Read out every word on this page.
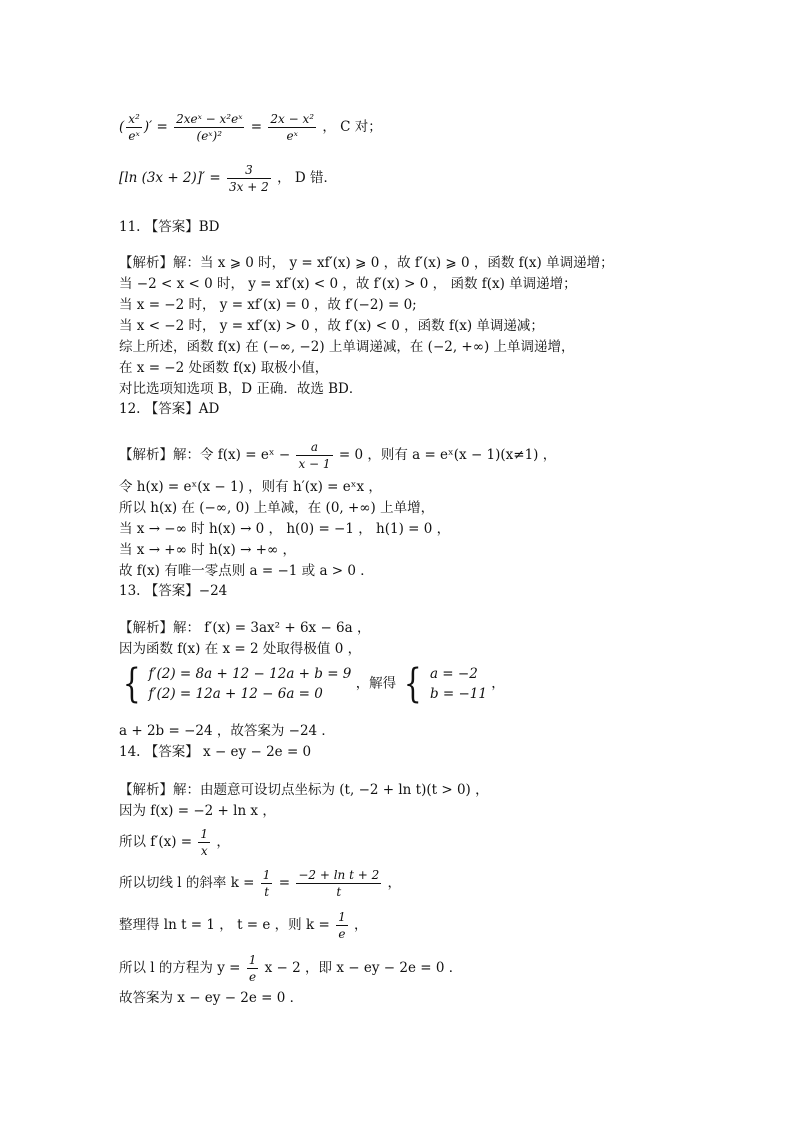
( $\frac{\text{x²}}{\text{eˣ}}$ )′ = $\frac{\text{2xeˣ − x²eˣ}}{\text{(eˣ)²}} = \frac{\text{2x − x²}}{\text{eˣ}}$ ， C 对；
[ln $(3x + 2)]' = \frac{3}{3x + 2}$ ， D 错．
11. 【答案】BD
【解析】解：当 x ⩾ 0 时， y = xf′(x) ⩾ 0 ，故 f′(x) ⩾ 0 ，函数 f(x) 单调递增；
当 −2 < x < 0 时， y = xf′(x) < 0 ，故 f′(x) > 0 ， 函数 f(x) 单调递增；
当 x = −2 时， y = xf′(x) = 0 ，故 f′(−2) = 0;
当 x < −2 时， y = xf′(x) > 0 ，故 f′(x) < 0 ，函数 f(x) 单调递减；
综上所述，函数 f(x) 在 (−∞, −2) 上单调递减，在 (−2, +∞) 上单调递增，
在 x = −2 处函数 f(x) 取极小值，
对比选项知选项 B，D 正确．故选 BD．
12. 【答案】AD
【解析】解：令 f(x) = eˣ − $\frac{a}{x - 1} = 0$ ，则有 a = eˣ(x − 1)(x≠1) ，
令 h(x) = eˣ(x − 1) ，则有 h′(x) = eˣx ，
所以 h(x) 在 (−∞, 0) 上单减，在 (0, +∞) 上单增，
当 x → −∞ 时 h(x) → 0 ， h(0) = −1 ， h(1) = 0 ，
当 x → +∞ 时 h(x) → +∞ ，
故 f(x) 有唯一零点则 a = −1 或 a > 0 ．
13. 【答案】−24
【解析】解： f′(x) = 3ax² + 6x − 6a ，
因为函数 f(x) 在 x = 2 处取得极值 0 ，
{ f′(2) = 8a + 12 − 12a + b = 9
f′(2) = 12a + 12 − 6a = 0
，解得 { a = −2
b = −11
，
a + 2b = −24 ，故答案为 −24 ．
14. 【答案】 x − ey − 2e = 0
【解析】解：由题意可设切点坐标为 (t, −2 + ln t)(t > 0) ，
因为 f(x) = −2 + ln x ，
所以 $f'(x) = \frac{1}{x}$ ，
所以切线 l 的斜率 $k = \frac{1}{t} = \frac{\text{−2 + ln t + 2}}{t}$ ，
整理得 ln t = 1 ， t = e ，则 $k = \frac{1}{e}$ ，
所以 l 的方程为 $y = \frac{1}{e}$ x − 2 ，即 x − ey − 2e = 0 ．
故答案为 x − ey − 2e = 0 ．
